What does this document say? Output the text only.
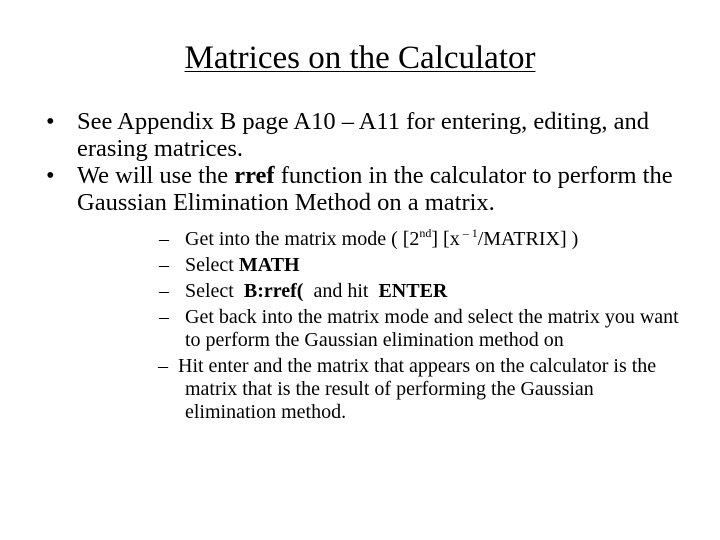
Matrices on the Calculator
• See Appendix B page A10 – A11 for entering, editing, and erasing matrices.
• We will use the rref function in the calculator to perform the Gaussian Elimination Method on a matrix.
– Get into the matrix mode ( [2nd] [x $^{- 1}$/MATRIX] )
– Select MATH
– Select  B:rref(  and hit  ENTER
– Get back into the matrix mode and select the matrix you want to perform the Gaussian elimination method on
– Hit enter and the matrix that appears on the calculator is the matrix that is the result of performing the Gaussian elimination method.
